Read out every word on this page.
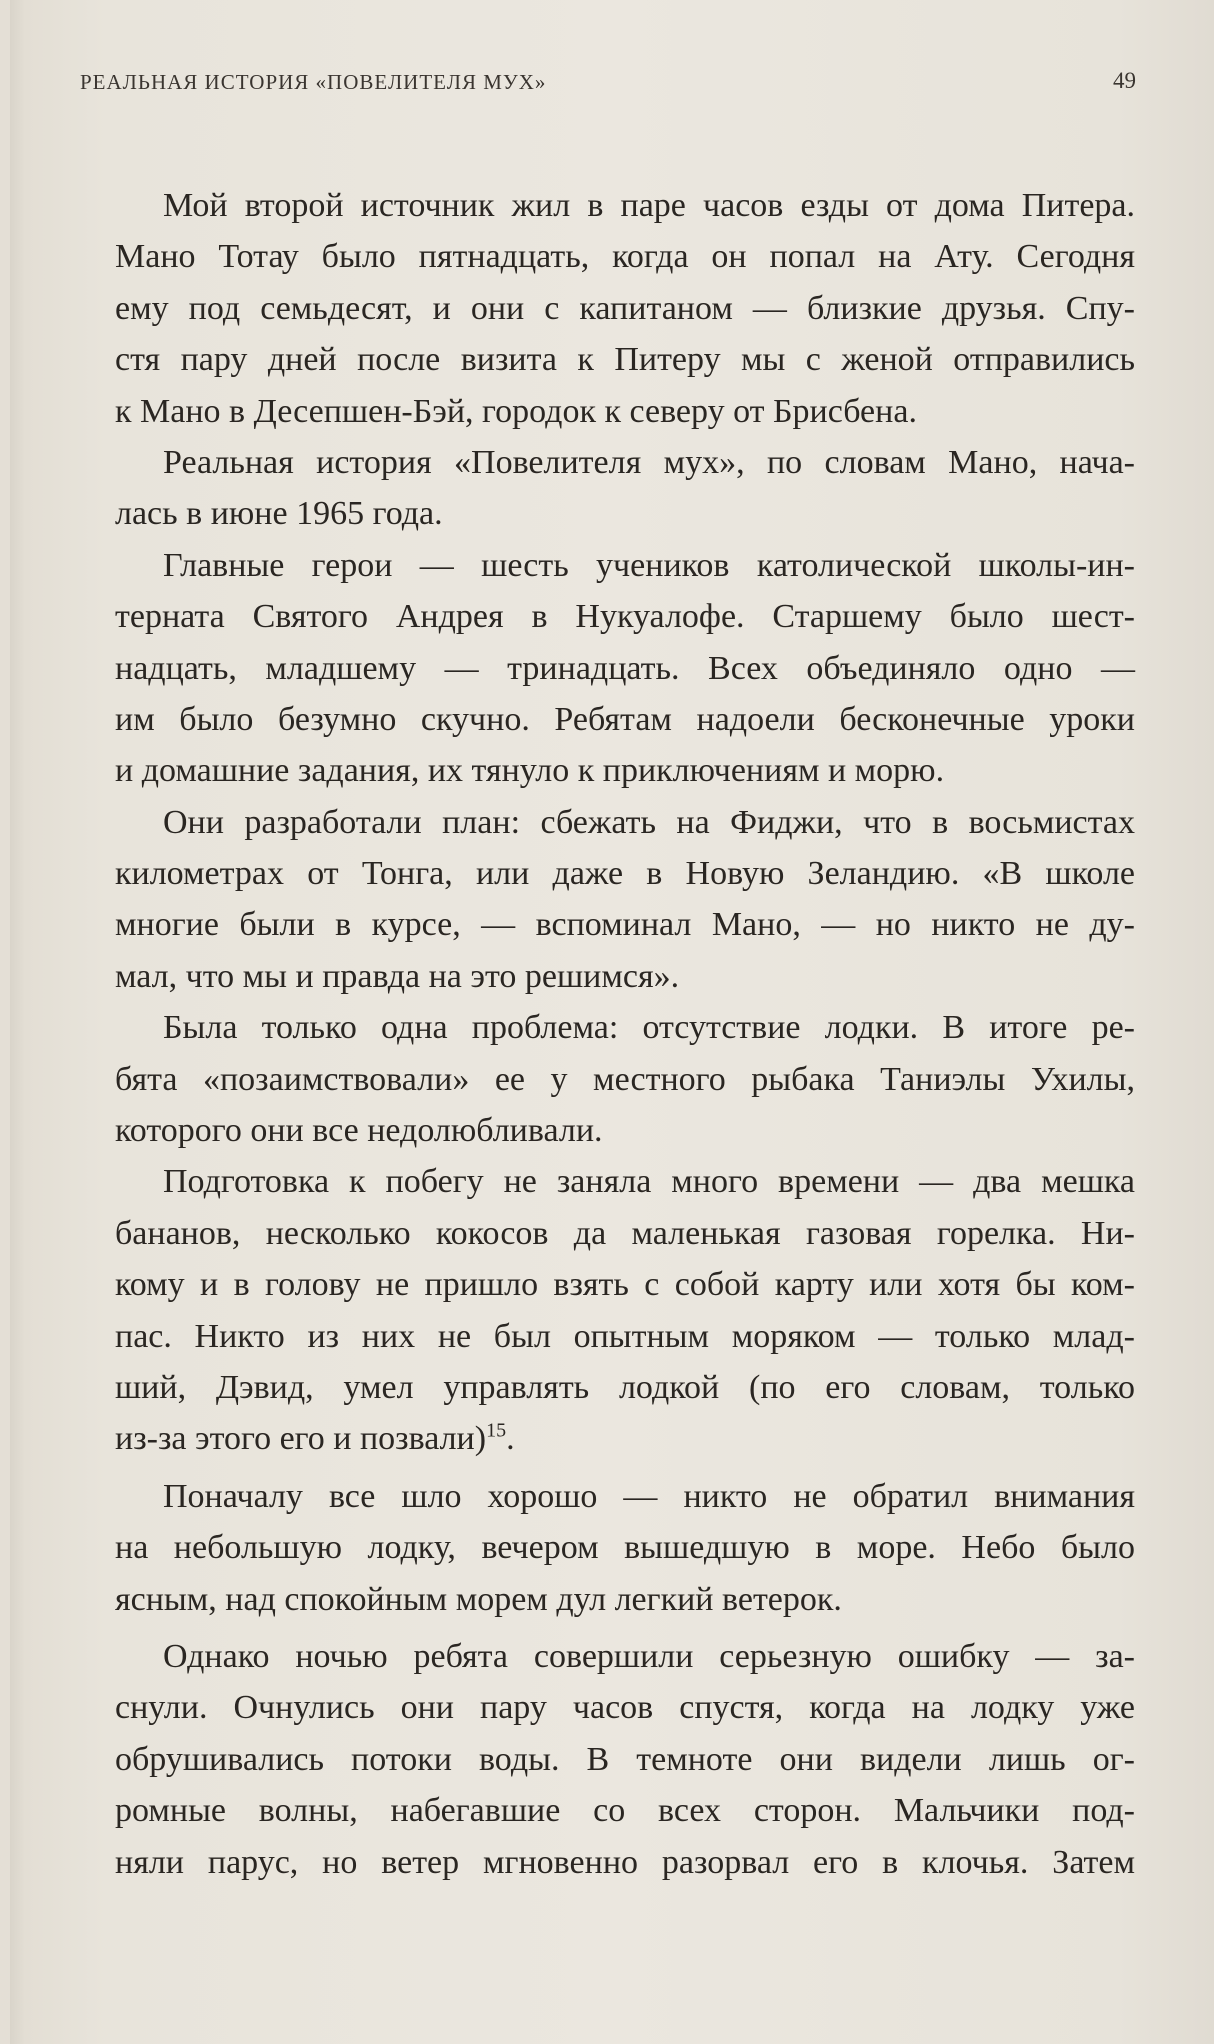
РЕАЛЬНАЯ ИСТОРИЯ «ПОВЕЛИТЕЛЯ МУХ»	49
Мой второй источник жил в паре часов езды от дома Питера.
Мано Тотау было пятнадцать, когда он попал на Ату. Сегодня
ему под семьдесят, и они с капитаном — близкие друзья. Спу-
стя пару дней после визита к Питеру мы с женой отправились
к Мано в Десепшен-Бэй, городок к северу от Брисбена.
Реальная история «Повелителя мух», по словам Мано, нача-
лась в июне 1965 года.
Главные герои — шесть учеников католической школы-ин-
терната Святого Андрея в Нукуалофе. Старшему было шест-
надцать, младшему — тринадцать. Всех объединяло одно —
им было безумно скучно. Ребятам надоели бесконечные уроки
и домашние задания, их тянуло к приключениям и морю.
Они разработали план: сбежать на Фиджи, что в восьмистах
километрах от Тонга, или даже в Новую Зеландию. «В школе
многие были в курсе, — вспоминал Мано, — но никто не ду-
мал, что мы и правда на это решимся».
Была только одна проблема: отсутствие лодки. В итоге ре-
бята «позаимствовали» ее у местного рыбака Таниэлы Ухилы,
которого они все недолюбливали.
Подготовка к побегу не заняла много времени — два мешка
бананов, несколько кокосов да маленькая газовая горелка. Ни-
кому и в голову не пришло взять с собой карту или хотя бы ком-
пас. Никто из них не был опытным моряком — только млад-
ший, Дэвид, умел управлять лодкой (по его словам, только
из-за этого его и позвали)$^{15}$.
Поначалу все шло хорошо — никто не обратил внимания
на небольшую лодку, вечером вышедшую в море. Небо было
ясным, над спокойным морем дул легкий ветерок.
Однако ночью ребята совершили серьезную ошибку — за-
снули. Очнулись они пару часов спустя, когда на лодку уже
обрушивались потоки воды. В темноте они видели лишь ог-
ромные волны, набегавшие со всех сторон. Мальчики под-
няли парус, но ветер мгновенно разорвал его в клочья. Затем
